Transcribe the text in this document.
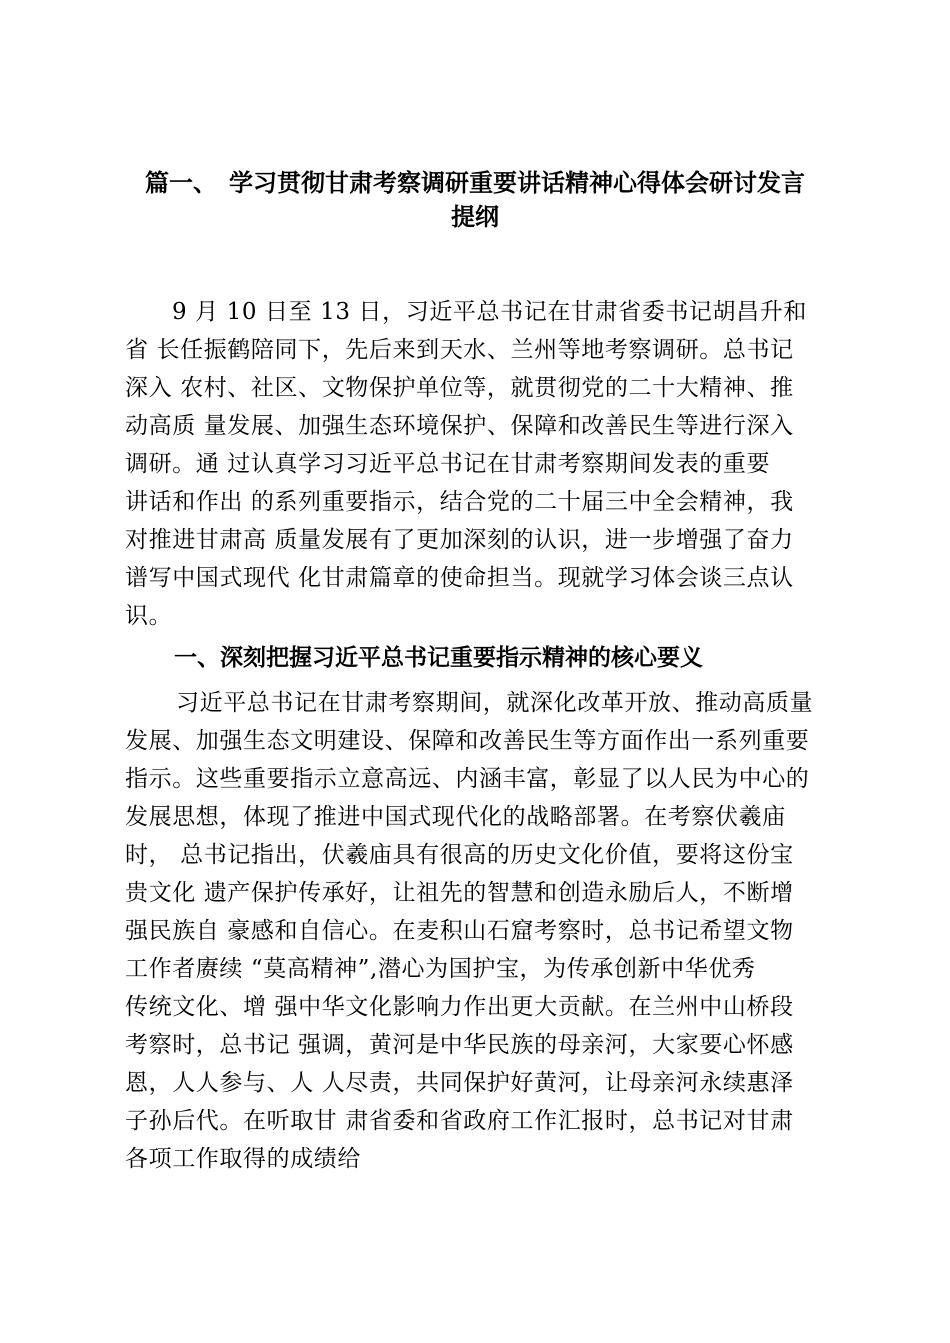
篇一、　学习贯彻甘肃考察调研重要讲话精神心得体会研讨发言
提纲
9 月 10 日至 13 日，习近平总书记在甘肃省委书记胡昌升和
省 长任振鹤陪同下，先后来到天水、兰州等地考察调研。总书记
深入 农村、社区、文物保护单位等，就贯彻党的二十大精神、推
动高质 量发展、加强生态环境保护、保障和改善民生等进行深入
调研。通 过认真学习习近平总书记在甘肃考察期间发表的重要
讲话和作出 的系列重要指示，结合党的二十届三中全会精神，我
对推进甘肃高 质量发展有了更加深刻的认识，进一步增强了奋力
谱写中国式现代 化甘肃篇章的使命担当。现就学习体会谈三点认
识。
一、深刻把握习近平总书记重要指示精神的核心要义
习近平总书记在甘肃考察期间，就深化改革开放、推动高质量
发展、加强生态文明建设、保障和改善民生等方面作出一系列重要
指示。这些重要指示立意高远、内涵丰富，彰显了以人民为中心的
发展思想，体现了推进中国式现代化的战略部署。在考察伏羲庙
时， 总书记指出，伏羲庙具有很高的历史文化价值，要将这份宝
贵文化 遗产保护传承好，让祖先的智慧和创造永励后人，不断增
强民族自 豪感和自信心。在麦积山石窟考察时，总书记希望文物
工作者赓续 “莫高精神”,潜心为国护宝，为传承创新中华优秀
传统文化、增 强中华文化影响力作出更大贡献。在兰州中山桥段
考察时，总书记 强调，黄河是中华民族的母亲河，大家要心怀感
恩，人人参与、人 人尽责，共同保护好黄河，让母亲河永续惠泽
子孙后代。在听取甘 肃省委和省政府工作汇报时，总书记对甘肃
各项工作取得的成绩给
